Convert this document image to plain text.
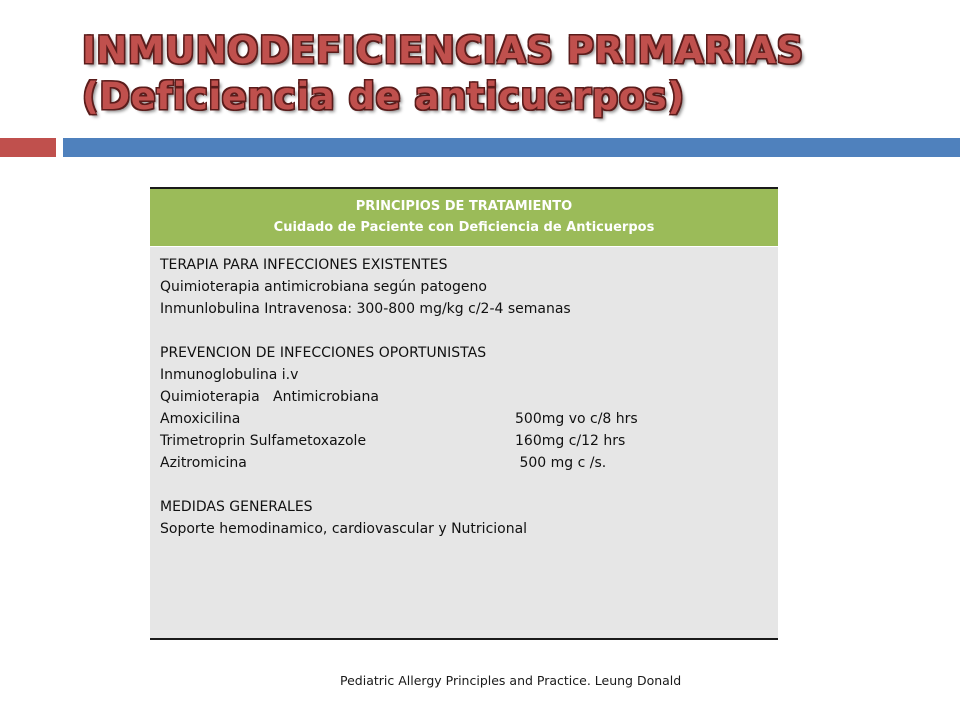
INMUNODEFICIENCIAS PRIMARIAS
(Deficiencia de anticuerpos)
PRINCIPIOS DE TRATAMIENTO
Cuidado de Paciente con Deficiencia de Anticuerpos
TERAPIA PARA INFECCIONES EXISTENTES
Quimioterapia antimicrobiana según patogeno
Inmunlobulina Intravenosa: 300-800 mg/kg c/2-4 semanas
PREVENCION DE INFECCIONES OPORTUNISTAS
Inmunoglobulina i.v
Quimioterapia   Antimicrobiana
Amoxicilina	500mg vo c/8 hrs
Trimetroprin Sulfametoxazole	160mg c/12 hrs
Azitromicina	500 mg c /s.
MEDIDAS GENERALES
Soporte hemodinamico, cardiovascular y Nutricional
Pediatric Allergy Principles and Practice. Leung Donald
